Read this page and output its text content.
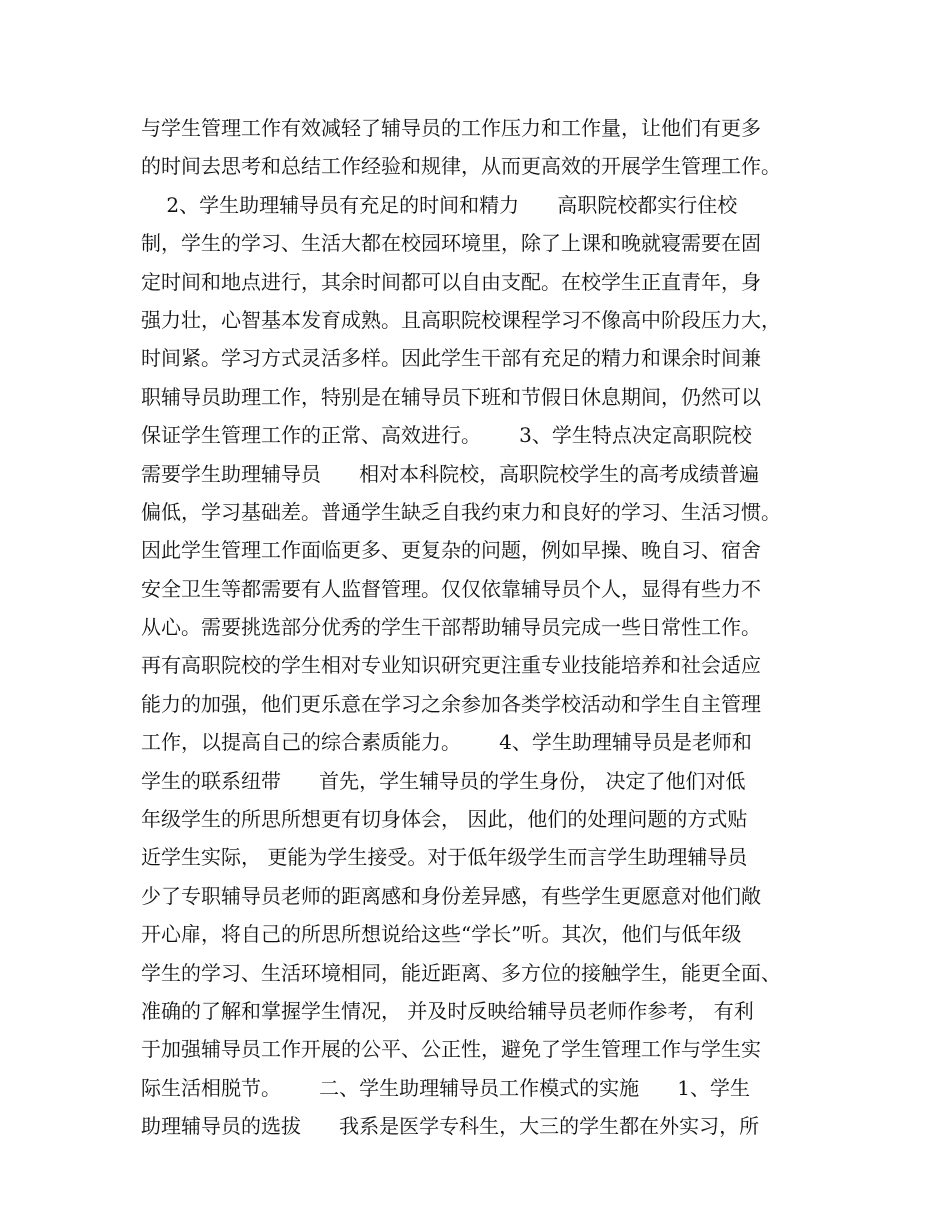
与学生管理工作有效减轻了辅导员的工作压力和工作量，让他们有更多
的时间去思考和总结工作经验和规律，从而更高效的开展学生管理工作。
2、学生助理辅导员有充足的时间和精力      高职院校都实行住校
制，学生的学习、生活大都在校园环境里，除了上课和晚就寝需要在固
定时间和地点进行，其余时间都可以自由支配。在校学生正直青年，身
强力壮，心智基本发育成熟。且高职院校课程学习不像高中阶段压力大，
时间紧。学习方式灵活多样。因此学生干部有充足的精力和课余时间兼
职辅导员助理工作，特别是在辅导员下班和节假日休息期间，仍然可以
保证学生管理工作的正常、高效进行。      3、学生特点决定高职院校
需要学生助理辅导员      相对本科院校，高职院校学生的高考成绩普遍
偏低，学习基础差。普通学生缺乏自我约束力和良好的学习、生活习惯。
因此学生管理工作面临更多、更复杂的问题，例如早操、晚自习、宿舍
安全卫生等都需要有人监督管理。仅仅依靠辅导员个人，显得有些力不
从心。需要挑选部分优秀的学生干部帮助辅导员完成一些日常性工作。
再有高职院校的学生相对专业知识研究更注重专业技能培养和社会适应
能力的加强，他们更乐意在学习之余参加各类学校活动和学生自主管理
工作，以提高自己的综合素质能力。      4、学生助理辅导员是老师和
学生的联系纽带      首先，学生辅导员的学生身份， 决定了他们对低
年级学生的所思所想更有切身体会， 因此，他们的处理问题的方式贴
近学生实际， 更能为学生接受。对于低年级学生而言学生助理辅导员
少了专职辅导员老师的距离感和身份差异感，有些学生更愿意对他们敞
开心扉，将自己的所思所想说给这些“学长”听。其次，他们与低年级
学生的学习、生活环境相同，能近距离、多方位的接触学生，能更全面、
准确的了解和掌握学生情况， 并及时反映给辅导员老师作参考， 有利
于加强辅导员工作开展的公平、公正性，避免了学生管理工作与学生实
际生活相脱节。      二、学生助理辅导员工作模式的实施      1、学生
助理辅导员的选拔      我系是医学专科生，大三的学生都在外实习，所
